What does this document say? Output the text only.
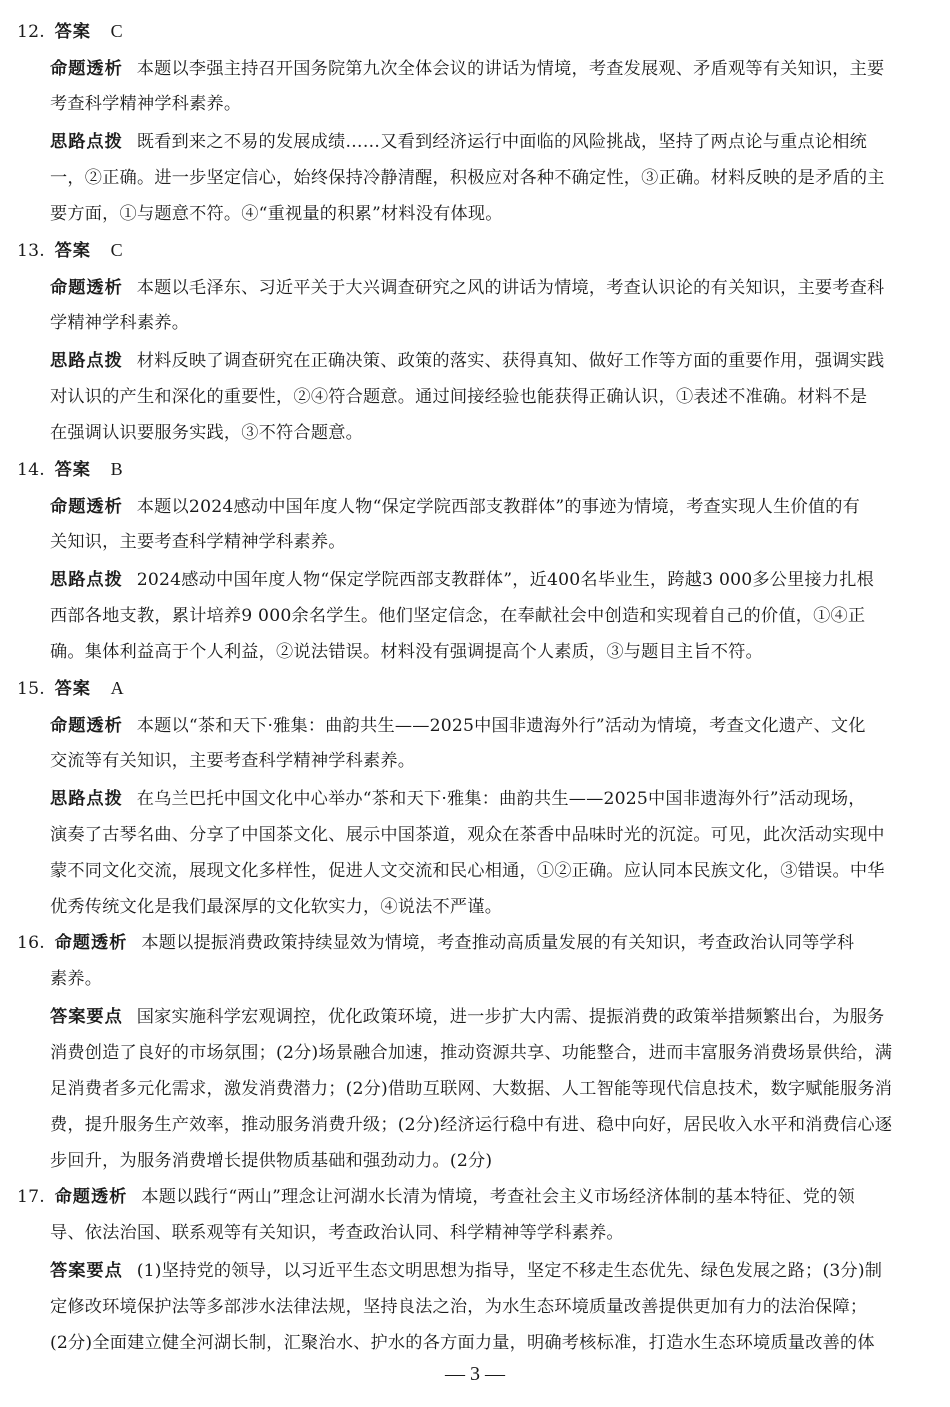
12. 答案 C
命题透析 本题以李强主持召开国务院第九次全体会议的讲话为情境，考查发展观、矛盾观等有关知识，主要
考查科学精神学科素养。
思路点拨 既看到来之不易的发展成绩……又看到经济运行中面临的风险挑战，坚持了两点论与重点论相统
一，②正确。进一步坚定信心，始终保持冷静清醒，积极应对各种不确定性，③正确。材料反映的是矛盾的主
要方面，①与题意不符。④“重视量的积累”材料没有体现。
13. 答案 C
命题透析 本题以毛泽东、习近平关于大兴调查研究之风的讲话为情境，考查认识论的有关知识，主要考查科
学精神学科素养。
思路点拨 材料反映了调查研究在正确决策、政策的落实、获得真知、做好工作等方面的重要作用，强调实践
对认识的产生和深化的重要性，②④符合题意。通过间接经验也能获得正确认识，①表述不准确。材料不是
在强调认识要服务实践，③不符合题意。
14. 答案 B
命题透析 本题以2024感动中国年度人物“保定学院西部支教群体”的事迹为情境，考查实现人生价值的有
关知识，主要考查科学精神学科素养。
思路点拨 2024感动中国年度人物“保定学院西部支教群体”，近400名毕业生，跨越3 000多公里接力扎根
西部各地支教，累计培养9 000余名学生。他们坚定信念，在奉献社会中创造和实现着自己的价值，①④正
确。集体利益高于个人利益，②说法错误。材料没有强调提高个人素质，③与题目主旨不符。
15. 答案 A
命题透析 本题以“茶和天下·雅集：曲韵共生——2025中国非遗海外行”活动为情境，考查文化遗产、文化
交流等有关知识，主要考查科学精神学科素养。
思路点拨 在乌兰巴托中国文化中心举办“茶和天下·雅集：曲韵共生——2025中国非遗海外行”活动现场，
演奏了古琴名曲、分享了中国茶文化、展示中国茶道，观众在茶香中品味时光的沉淀。可见，此次活动实现中
蒙不同文化交流，展现文化多样性，促进人文交流和民心相通，①②正确。应认同本民族文化，③错误。中华
优秀传统文化是我们最深厚的文化软实力，④说法不严谨。
16. 命题透析 本题以提振消费政策持续显效为情境，考查推动高质量发展的有关知识，考查政治认同等学科
素养。
答案要点 国家实施科学宏观调控，优化政策环境，进一步扩大内需、提振消费的政策举措频繁出台，为服务
消费创造了良好的市场氛围；(2分)场景融合加速，推动资源共享、功能整合，进而丰富服务消费场景供给，满
足消费者多元化需求，激发消费潜力；(2分)借助互联网、大数据、人工智能等现代信息技术，数字赋能服务消
费，提升服务生产效率，推动服务消费升级；(2分)经济运行稳中有进、稳中向好，居民收入水平和消费信心逐
步回升，为服务消费增长提供物质基础和强劲动力。(2分)
17. 命题透析 本题以践行“两山”理念让河湖水长清为情境，考查社会主义市场经济体制的基本特征、党的领
导、依法治国、联系观等有关知识，考查政治认同、科学精神等学科素养。
答案要点 (1)坚持党的领导，以习近平生态文明思想为指导，坚定不移走生态优先、绿色发展之路；(3分)制
定修改环境保护法等多部涉水法律法规，坚持良法之治，为水生态环境质量改善提供更加有力的法治保障；
(2分)全面建立健全河湖长制，汇聚治水、护水的各方面力量，明确考核标准，打造水生态环境质量改善的体
— 3 —
